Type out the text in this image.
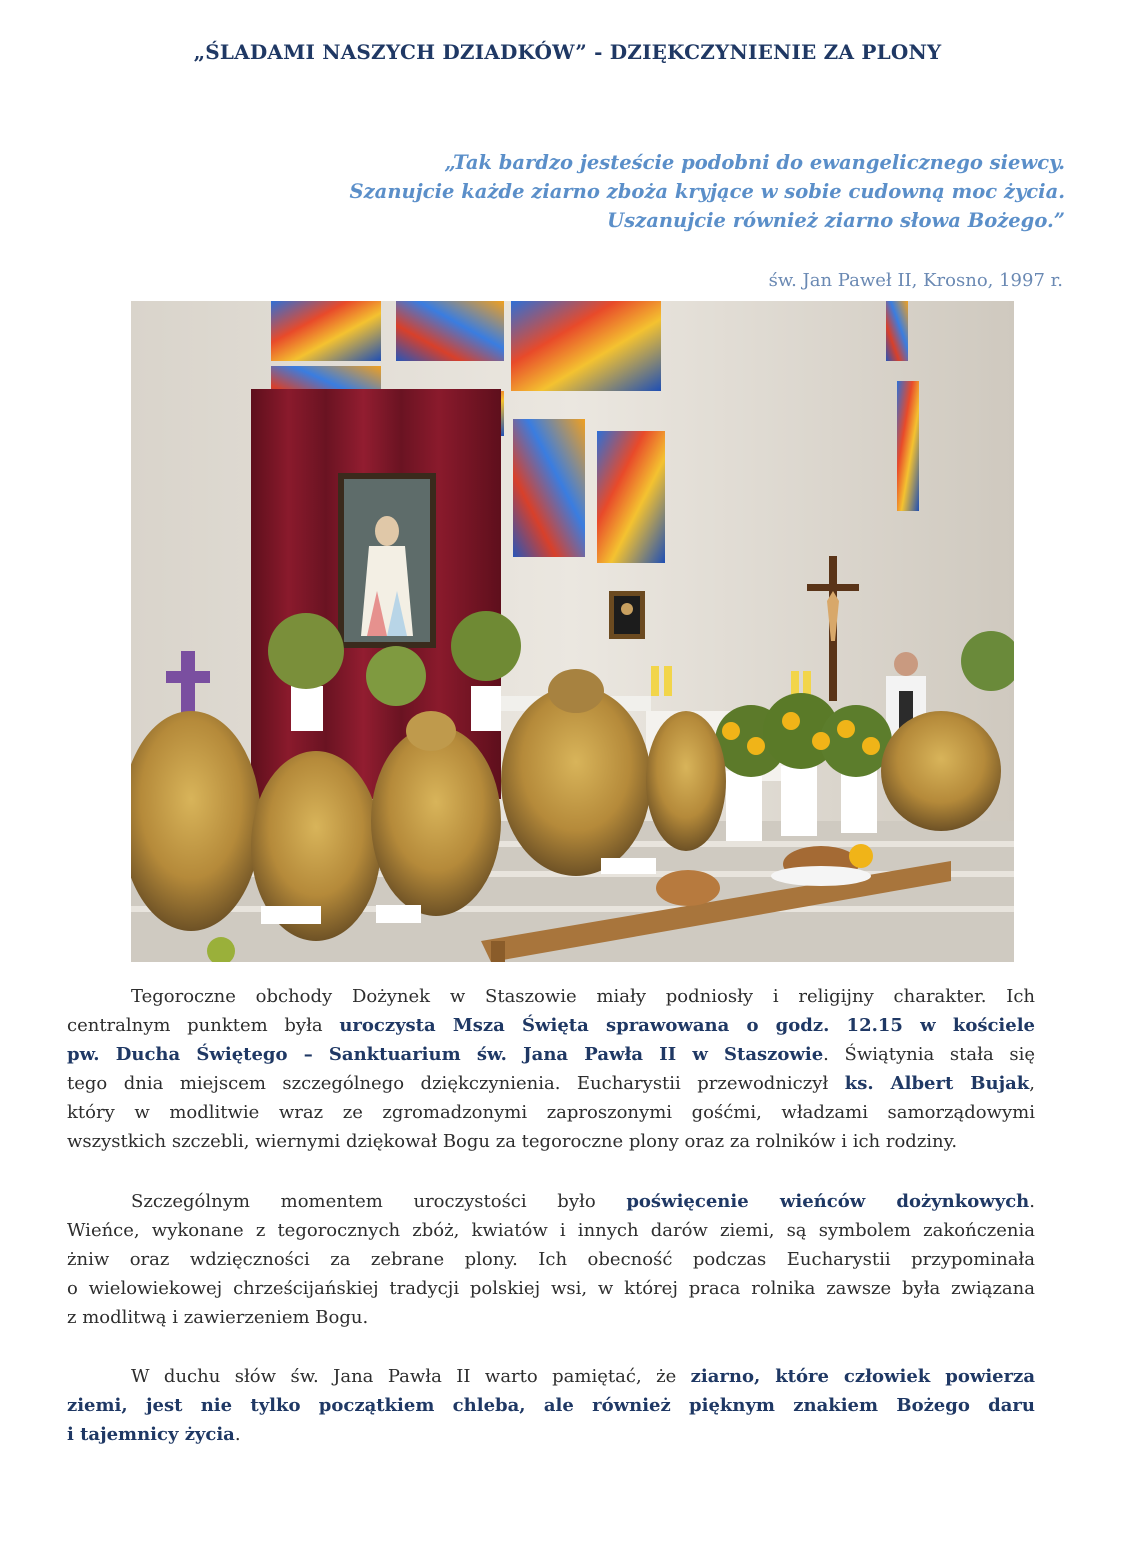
„ŚLADAMI NASZYCH DZIADKÓW” - DZIĘKCZYNIENIE ZA PLONY
„Tak bardzo jesteście podobni do ewangelicznego siewcy.
Szanujcie każde ziarno zboża kryjące w sobie cudowną moc życia.
Uszanujcie również ziarno słowa Bożego.”
św. Jan Paweł II, Krosno, 1997 r.
Tegoroczne obchody Dożynek w Staszowie miały podniosły i religijny charakter. Ich
centralnym punktem była uroczysta Msza Święta sprawowana o godz. 12.15 w kościele
pw. Ducha Świętego – Sanktuarium św. Jana Pawła II w Staszowie. Świątynia stała się
tego dnia miejscem szczególnego dziękczynienia. Eucharystii przewodniczył ks. Albert Bujak,
który w modlitwie wraz ze zgromadzonymi zaproszonymi gośćmi, władzami samorządowymi
wszystkich szczebli, wiernymi dziękował Bogu za tegoroczne plony oraz za rolników i ich rodziny.
Szczególnym momentem uroczystości było poświęcenie wieńców dożynkowych.
Wieńce, wykonane z tegorocznych zbóż, kwiatów i innych darów ziemi, są symbolem zakończenia
żniw oraz wdzięczności za zebrane plony. Ich obecność podczas Eucharystii przypominała
o wielowiekowej chrześcijańskiej tradycji polskiej wsi, w której praca rolnika zawsze była związana
z modlitwą i zawierzeniem Bogu.
W duchu słów św. Jana Pawła II warto pamiętać, że ziarno, które człowiek powierza
ziemi, jest nie tylko początkiem chleba, ale również pięknym znakiem Bożego daru
i tajemnicy życia.
